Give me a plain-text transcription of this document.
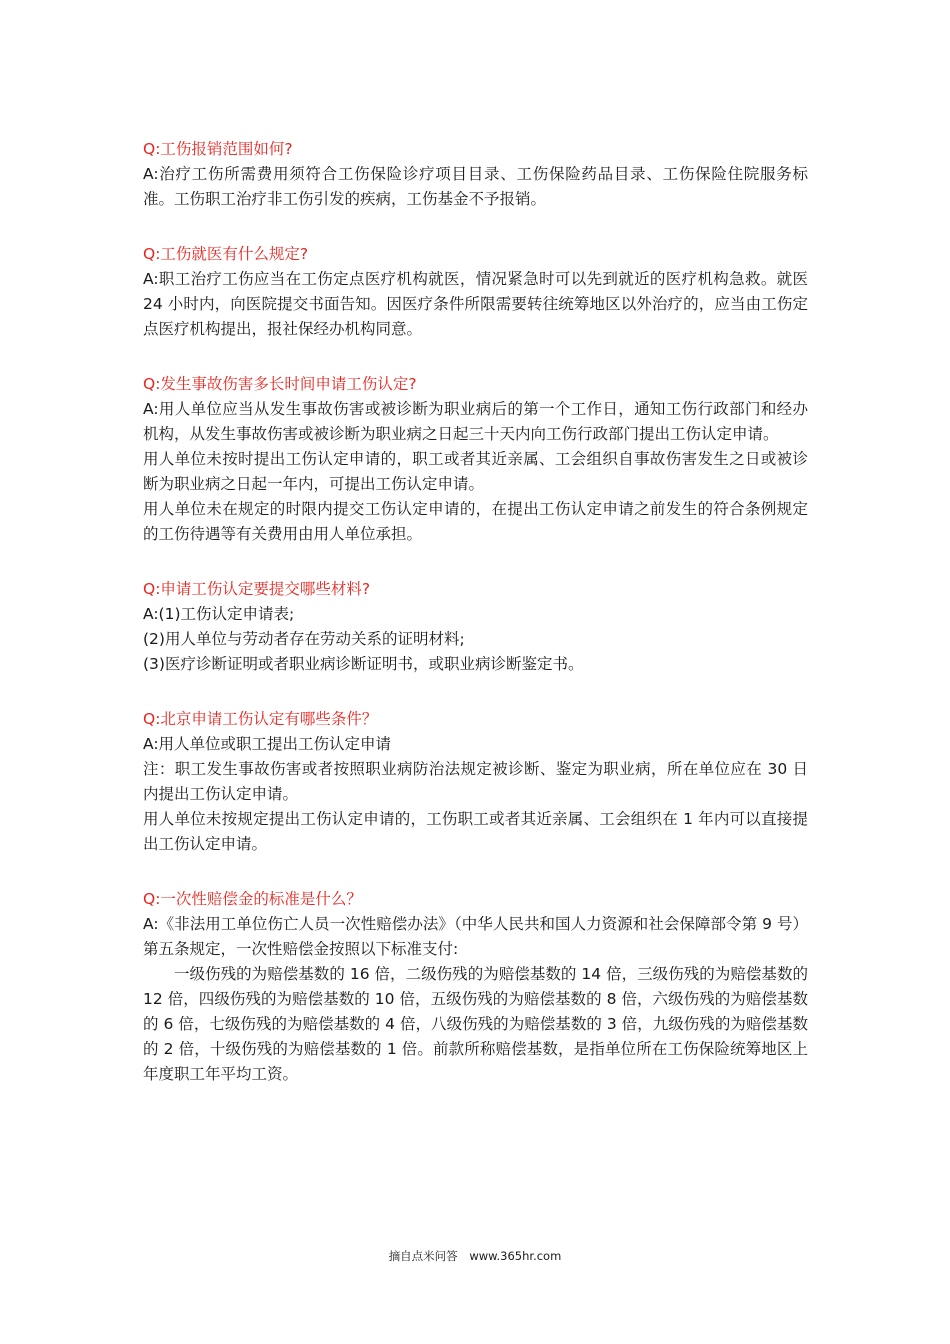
Q:工伤报销范围如何?

A:治疗工伤所需费用须符合工伤保险诊疗项目目录、工伤保险药品目录、工伤保险住院服务标准。工伤职工治疗非工伤引发的疾病，工伤基金不予报销。

Q:工伤就医有什么规定?

A:职工治疗工伤应当在工伤定点医疗机构就医，情况紧急时可以先到就近的医疗机构急救。就医 24 小时内，向医院提交书面告知。因医疗条件所限需要转往统筹地区以外治疗的，应当由工伤定点医疗机构提出，报社保经办机构同意。

Q:发生事故伤害多长时间申请工伤认定?

A:用人单位应当从发生事故伤害或被诊断为职业病后的第一个工作日，通知工伤行政部门和经办机构，从发生事故伤害或被诊断为职业病之日起三十天内向工伤行政部门提出工伤认定申请。

用人单位未按时提出工伤认定申请的，职工或者其近亲属、工会组织自事故伤害发生之日或被诊断为职业病之日起一年内，可提出工伤认定申请。

用人单位未在规定的时限内提交工伤认定申请的，在提出工伤认定申请之前发生的符合条例规定的工伤待遇等有关费用由用人单位承担。

Q:申请工伤认定要提交哪些材料?

A:(1)工伤认定申请表;

(2)用人单位与劳动者存在劳动关系的证明材料;

(3)医疗诊断证明或者职业病诊断证明书，或职业病诊断鉴定书。

Q:北京申请工伤认定有哪些条件？

A:用人单位或职工提出工伤认定申请

注：职工发生事故伤害或者按照职业病防治法规定被诊断、鉴定为职业病，所在单位应在 30 日内提出工伤认定申请。

用人单位未按规定提出工伤认定申请的，工伤职工或者其近亲属、工会组织在 1 年内可以直接提出工伤认定申请。

Q:一次性赔偿金的标准是什么？

A:《非法用工单位伤亡人员一次性赔偿办法》（中华人民共和国人力资源和社会保障部令第 9 号）第五条规定，一次性赔偿金按照以下标准支付:

一级伤残的为赔偿基数的 16 倍，二级伤残的为赔偿基数的 14 倍，三级伤残的为赔偿基数的 12 倍，四级伤残的为赔偿基数的 10 倍，五级伤残的为赔偿基数的 8 倍，六级伤残的为赔偿基数的 6 倍，七级伤残的为赔偿基数的 4 倍，八级伤残的为赔偿基数的 3 倍，九级伤残的为赔偿基数的 2 倍，十级伤残的为赔偿基数的 1 倍。前款所称赔偿基数，是指单位所在工伤保险统筹地区上年度职工年平均工资。

摘自点米问答 www.365hr.com
